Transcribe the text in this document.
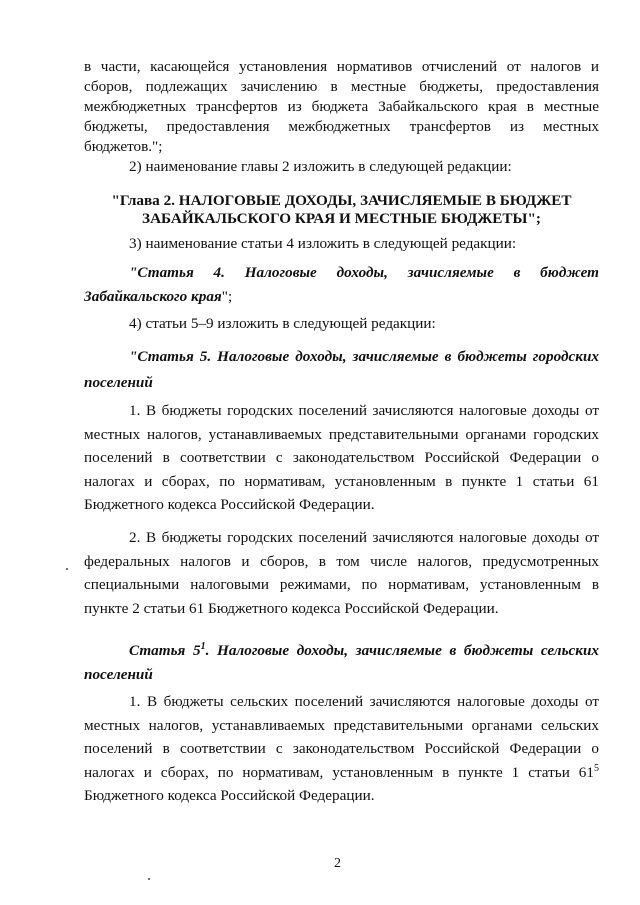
в части, касающейся установления нормативов отчислений от налогов и сборов, подлежащих зачислению в местные бюджеты, предоставления межбюджетных трансфертов из бюджета Забайкальского края в местные бюджеты, предоставления межбюджетных трансфертов из местных бюджетов.";

2) наименование главы 2 изложить в следующей редакции:

"Глава 2. НАЛОГОВЫЕ ДОХОДЫ, ЗАЧИСЛЯЕМЫЕ В БЮДЖЕТ

ЗАБАЙКАЛЬСКОГО КРАЯ И МЕСТНЫЕ БЮДЖЕТЫ";

3) наименование статьи 4 изложить в следующей редакции:

"Статья 4. Налоговые доходы, зачисляемые в бюджет Забайкальского края";

4) статьи 5–9 изложить в следующей редакции:

"Статья 5. Налоговые доходы, зачисляемые в бюджеты городских поселений

1. В бюджеты городских поселений зачисляются налоговые доходы от местных налогов, устанавливаемых представительными органами городских поселений в соответствии с законодательством Российской Федерации о налогах и сборах, по нормативам, установленным в пункте 1 статьи 61 Бюджетного кодекса Российской Федерации.

2. В бюджеты городских поселений зачисляются налоговые доходы от федеральных налогов и сборов, в том числе налогов, предусмотренных специальными налоговыми режимами, по нормативам, установленным в пункте 2 статьи 61 Бюджетного кодекса Российской Федерации.

Статья $5^1$. Налоговые доходы, зачисляемые в бюджеты сельских поселений

1. В бюджеты сельских поселений зачисляются налоговые доходы от местных налогов, устанавливаемых представительными органами сельских поселений в соответствии с законодательством Российской Федерации о налогах и сборах, по нормативам, установленным в пункте 1 статьи $61^5$ Бюджетного кодекса Российской Федерации.

2
